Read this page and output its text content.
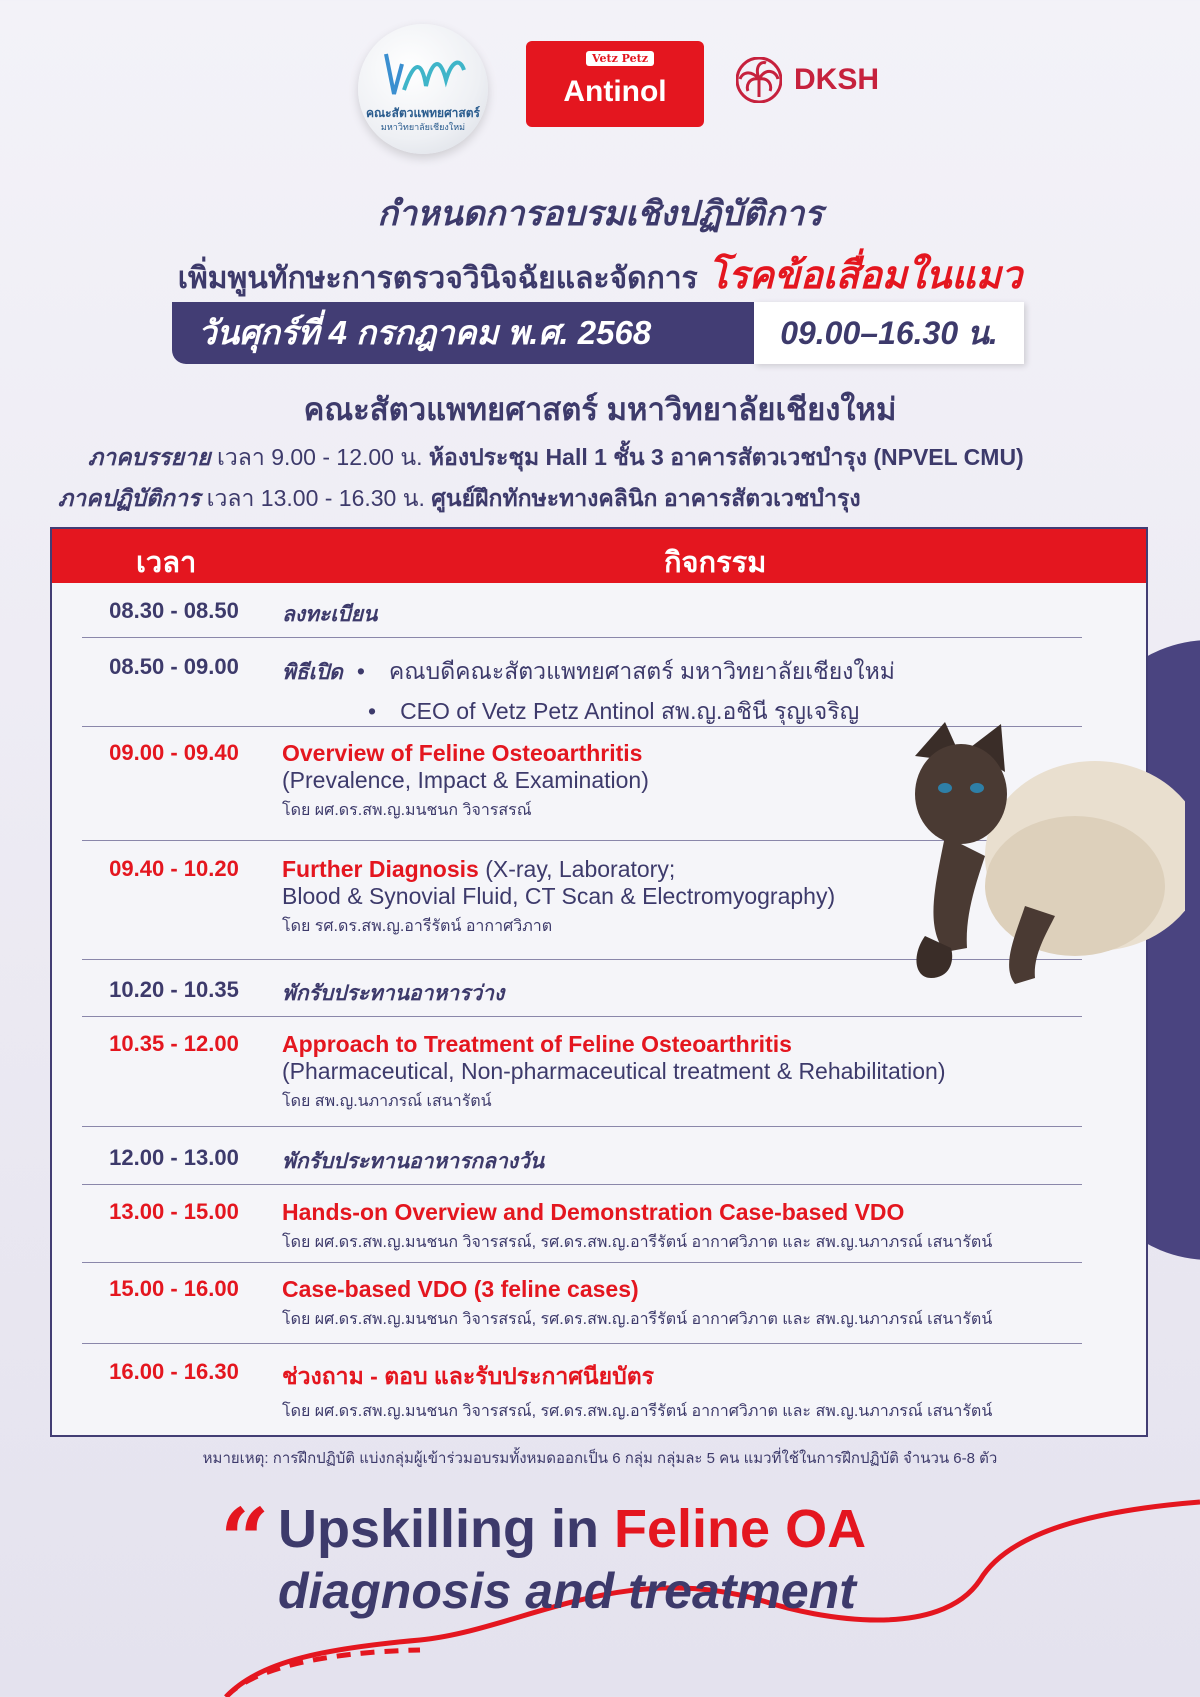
คณะสัตวแพทยศาสตร์
มหาวิทยาลัยเชียงใหม่
Vetz Petz
Antinol	DKSH
กำหนดการอบรมเชิงปฏิบัติการ
เพิ่มพูนทักษะการตรวจวินิจฉัยและจัดการ โรคข้อเสื่อมในแมว
วันศุกร์ที่ 4 กรกฎาคม พ.ศ. 2568	09.00–16.30 น.
คณะสัตวแพทยศาสตร์ มหาวิทยาลัยเชียงใหม่
ภาคบรรยาย เวลา 9.00 - 12.00 น. ห้องประชุม Hall 1 ชั้น 3 อาคารสัตวเวชบำรุง (NPVEL CMU)
ภาคปฏิบัติการ เวลา 13.00 - 16.30 น. ศูนย์ฝึกทักษะทางคลินิก อาคารสัตวเวชบำรุง
เวลา	กิจกรรม
08.30 - 08.50	ลงทะเบียน
08.50 - 09.00	พิธีเปิด • คณบดีคณะสัตวแพทยศาสตร์ มหาวิทยาลัยเชียงใหม่
• CEO of Vetz Petz Antinol สพ.ญ.อชินี รุญเจริญ
09.00 - 09.40	Overview of Feline Osteoarthritis
(Prevalence, Impact & Examination)
โดย ผศ.ดร.สพ.ญ.มนชนก วิจารสรณ์
09.40 - 10.20	Further Diagnosis (X-ray, Laboratory;
Blood & Synovial Fluid, CT Scan & Electromyography)
โดย รศ.ดร.สพ.ญ.อารีรัตน์ อากาศวิภาต
10.20 - 10.35	พักรับประทานอาหารว่าง
10.35 - 12.00	Approach to Treatment of Feline Osteoarthritis
(Pharmaceutical, Non-pharmaceutical treatment & Rehabilitation)
โดย สพ.ญ.นภาภรณ์ เสนารัตน์
12.00 - 13.00	พักรับประทานอาหารกลางวัน
13.00 - 15.00	Hands-on Overview and Demonstration Case-based VDO
โดย ผศ.ดร.สพ.ญ.มนชนก วิจารสรณ์, รศ.ดร.สพ.ญ.อารีรัตน์ อากาศวิภาต และ สพ.ญ.นภาภรณ์ เสนารัตน์
15.00 - 16.00	Case-based VDO (3 feline cases)
โดย ผศ.ดร.สพ.ญ.มนชนก วิจารสรณ์, รศ.ดร.สพ.ญ.อารีรัตน์ อากาศวิภาต และ สพ.ญ.นภาภรณ์ เสนารัตน์
16.00 - 16.30	ช่วงถาม - ตอบ และรับประกาศนียบัตร
โดย ผศ.ดร.สพ.ญ.มนชนก วิจารสรณ์, รศ.ดร.สพ.ญ.อารีรัตน์ อากาศวิภาต และ สพ.ญ.นภาภรณ์ เสนารัตน์
หมายเหตุ: การฝึกปฏิบัติ แบ่งกลุ่มผู้เข้าร่วมอบรมทั้งหมดออกเป็น 6 กลุ่ม กลุ่มละ 5 คน แมวที่ใช้ในการฝึกปฏิบัติ จำนวน 6-8 ตัว
“ Upskilling in Feline OA
diagnosis and treatment
